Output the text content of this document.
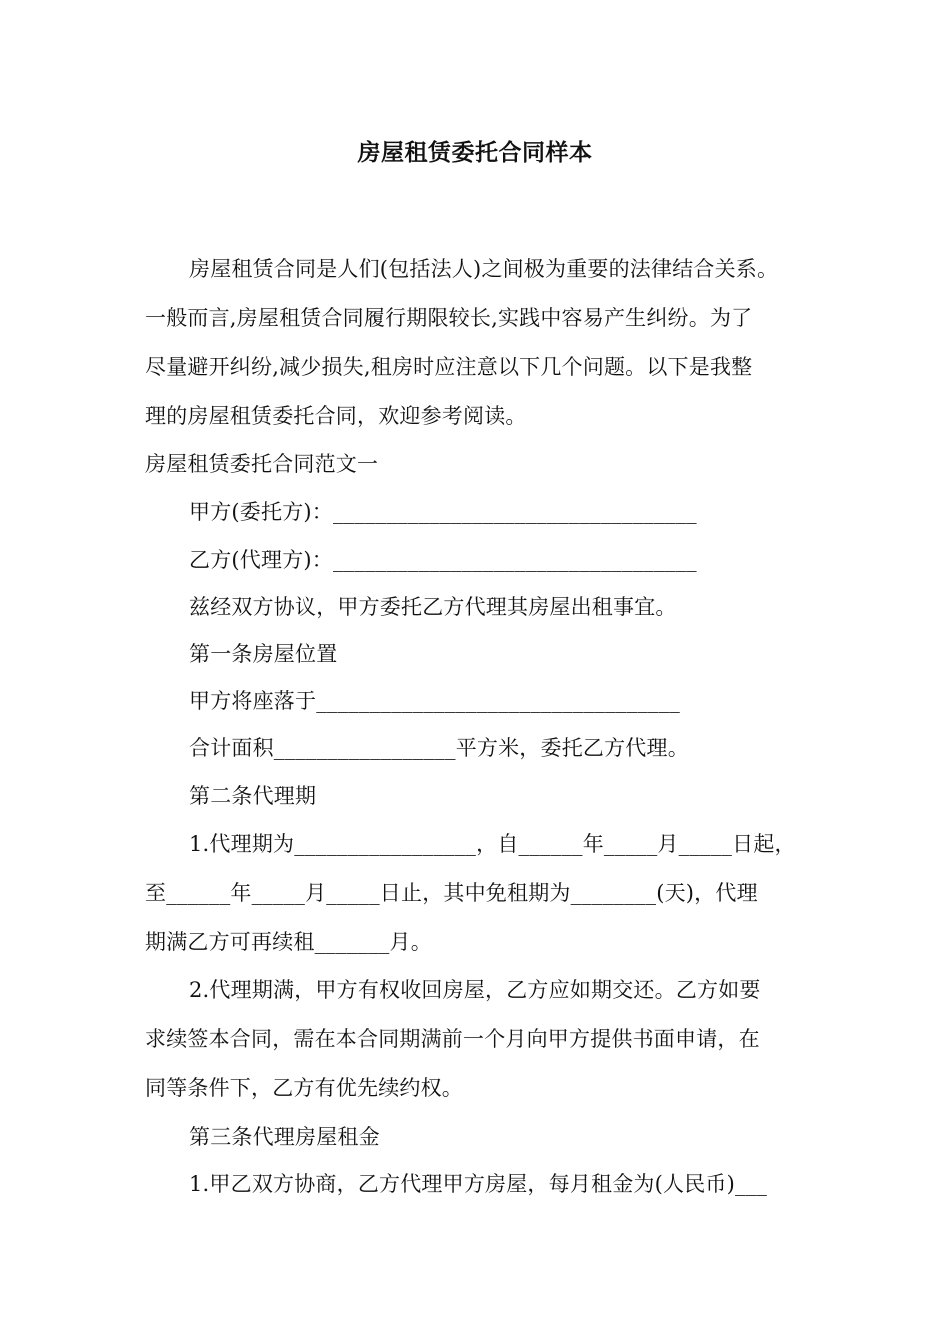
房屋租赁委托合同样本
房屋租赁合同是人们(包括法人)之间极为重要的法律结合关系。
一般而言,房屋租赁合同履行期限较长,实践中容易产生纠纷。为了
尽量避开纠纷,减少损失,租房时应注意以下几个问题。以下是我整
理的房屋租赁委托合同，欢迎参考阅读。
房屋租赁委托合同范文一
甲方(委托方)：__________________________________
乙方(代理方)：__________________________________
兹经双方协议，甲方委托乙方代理其房屋出租事宜。
第一条房屋位置
甲方将座落于__________________________________
合计面积_________________平方米，委托乙方代理。
第二条代理期
1.代理期为_________________，自______年_____月_____日起，
至______年_____月_____日止，其中免租期为________(天)，代理
期满乙方可再续租_______月。
2.代理期满，甲方有权收回房屋，乙方应如期交还。乙方如要
求续签本合同，需在本合同期满前一个月向甲方提供书面申请，在
同等条件下，乙方有优先续约权。
第三条代理房屋租金
1.甲乙双方协商，乙方代理甲方房屋，每月租金为(人民币)___
